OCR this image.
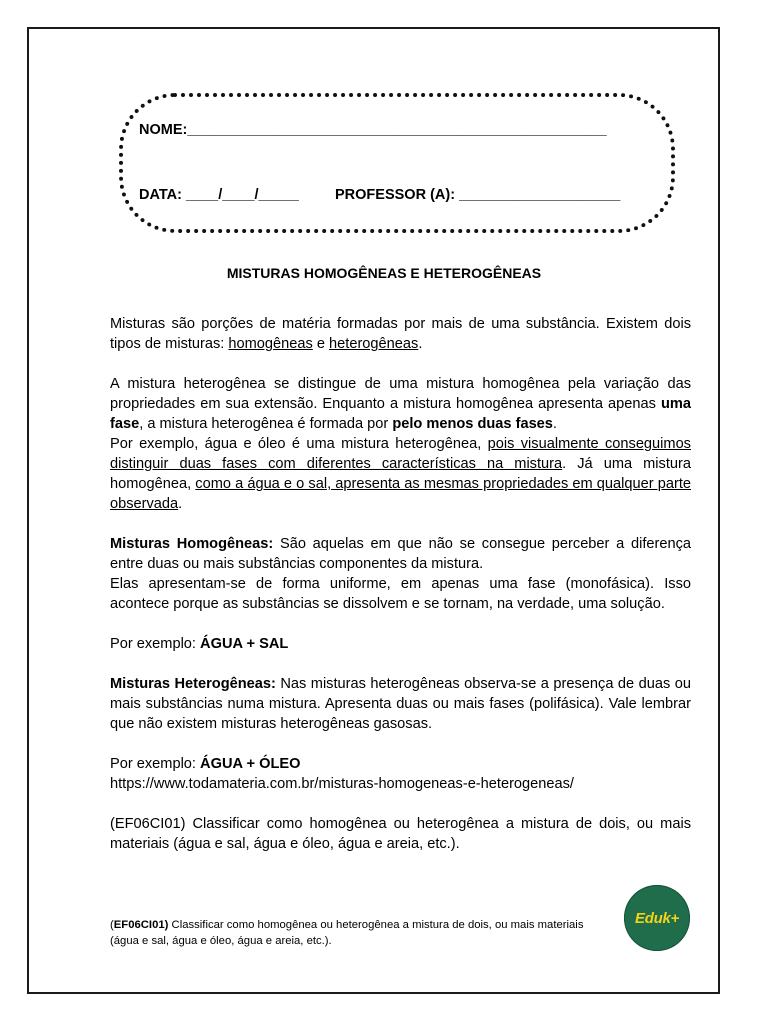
NOME:____________________________________________________
DATA: ____/____/_____ PROFESSOR (A): ____________________
MISTURAS HOMOGÊNEAS E HETEROGÊNEAS

Misturas são porções de matéria formadas por mais de uma substância. Existem dois tipos de misturas: homogêneas e heterogêneas.

A mistura heterogênea se distingue de uma mistura homogênea pela variação das propriedades em sua extensão. Enquanto a mistura homogênea apresenta apenas uma fase, a mistura heterogênea é formada por pelo menos duas fases.

Por exemplo, água e óleo é uma mistura heterogênea, pois visualmente conseguimos distinguir duas fases com diferentes características na mistura. Já uma mistura homogênea, como a água e o sal, apresenta as mesmas propriedades em qualquer parte observada.

Misturas Homogêneas: São aquelas em que não se consegue perceber a diferença entre duas ou mais substâncias componentes da mistura.

Elas apresentam-se de forma uniforme, em apenas uma fase (monofásica). Isso acontece porque as substâncias se dissolvem e se tornam, na verdade, uma solução.

Por exemplo: ÁGUA + SAL

Misturas Heterogêneas: Nas misturas heterogêneas observa-se a presença de duas ou mais substâncias numa mistura. Apresenta duas ou mais fases (polifásica). Vale lembrar que não existem misturas heterogêneas gasosas.

Por exemplo: ÁGUA + ÓLEO

https://www.todamateria.com.br/misturas-homogeneas-e-heterogeneas/

(EF06CI01) Classificar como homogênea ou heterogênea a mistura de dois, ou mais materiais (água e sal, água e óleo, água e areia, etc.).

(EF06CI01) Classificar como homogênea ou heterogênea a mistura de dois, ou mais materiais (água e sal, água e óleo, água e areia, etc.).
Eduk+
